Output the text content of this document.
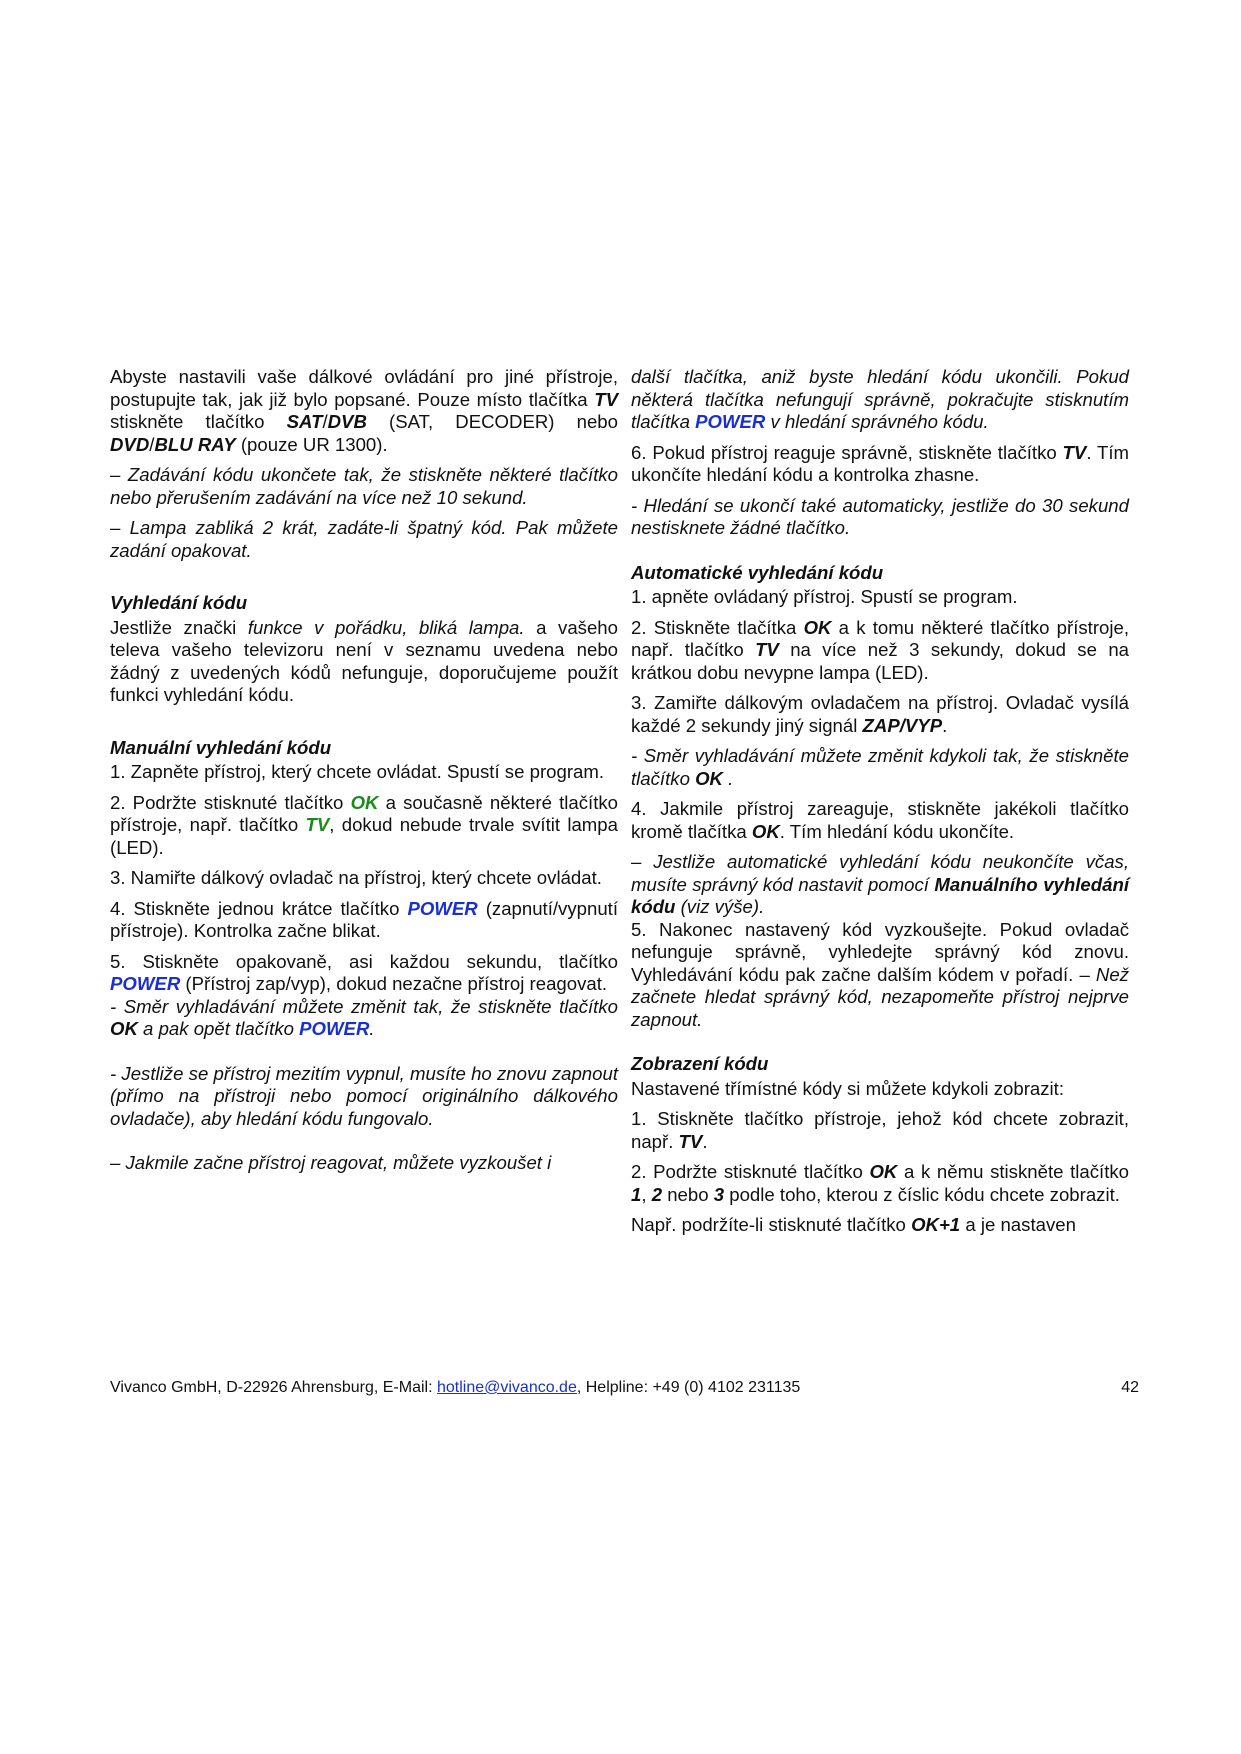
Abyste nastavili vaše dálkové ovládání pro jiné přístroje, postupujte tak, jak již bylo popsané. Pouze místo tlačítka TV stiskněte tlačítko SAT/DVB (SAT, DECODER) nebo DVD/BLU RAY (pouze UR 1300).

– Zadávání kódu ukončete tak, že stiskněte některé tlačítko nebo přerušením zadávání na více než 10 sekund.

– Lampa zabliká 2 krát, zadáte-li špatný kód. Pak můžete zadání opakovat.

Vyhledání kódu

Jestliže znački funkce v pořádku, bliká lampa. a vašeho televa vašeho televizoru není v seznamu uvedena nebo žádný z uvedených kódů nefunguje, doporučujeme použít funkci vyhledání kódu.

Manuální vyhledání kódu

1. Zapněte přístroj, který chcete ovládat. Spustí se program.

2. Podržte stisknuté tlačítko OK a současně některé tlačítko přístroje, např. tlačítko TV, dokud nebude trvale svítit lampa (LED).

3. Namiřte dálkový ovladač na přístroj, který chcete ovládat.

4. Stiskněte jednou krátce tlačítko POWER (zapnutí/vypnutí přístroje). Kontrolka začne blikat.

5. Stiskněte opakovaně, asi každou sekundu, tlačítko POWER (Přístroj zap/vyp), dokud nezačne přístroj reagovat.

- Směr vyhladávání můžete změnit tak, že stiskněte tlačítko OK a pak opět tlačítko POWER.

- Jestliže se přístroj mezitím vypnul, musíte ho znovu zapnout (přímo na přístroji nebo pomocí originálního dálkového ovladače), aby hledání kódu fungovalo.

– Jakmile začne přístroj reagovat, můžete vyzkoušet i

další tlačítka, aniž byste hledání kódu ukončili. Pokud některá tlačítka nefungují správně, pokračujte stisknutím tlačítka POWER v hledání správného kódu.

6. Pokud přístroj reaguje správně, stiskněte tlačítko TV. Tím ukončíte hledání kódu a kontrolka zhasne.

- Hledání se ukončí také automaticky, jestliže do 30 sekund nestisknete žádné tlačítko.

Automatické vyhledání kódu

1. apněte ovládaný přístroj. Spustí se program.

2. Stiskněte tlačítka OK a k tomu některé tlačítko přístroje, např. tlačítko TV na více než 3 sekundy, dokud se na krátkou dobu nevypne lampa (LED).

3. Zamiřte dálkovým ovladačem na přístroj. Ovladač vysílá každé 2 sekundy jiný signál ZAP/VYP.

- Směr vyhladávání můžete změnit kdykoli tak, že stiskněte tlačítko OK .

4. Jakmile přístroj zareaguje, stiskněte jakékoli tlačítko kromě tlačítka OK. Tím hledání kódu ukončíte.

– Jestliže automatické vyhledání kódu neukončíte včas, musíte správný kód nastavit pomocí Manuálního vyhledání kódu (viz výše).

5. Nakonec nastavený kód vyzkoušejte. Pokud ovladač nefunguje správně, vyhledejte správný kód znovu. Vyhledávání kódu pak začne dalším kódem v pořadí. – Než začnete hledat správný kód, nezapomeňte přístroj nejprve zapnout.

Zobrazení kódu

Nastavené třímístné kódy si můžete kdykoli zobrazit:

1. Stiskněte tlačítko přístroje, jehož kód chcete zobrazit, např. TV.

2. Podržte stisknuté tlačítko OK a k němu stiskněte tlačítko 1, 2 nebo 3 podle toho, kterou z číslic kódu chcete zobrazit.

Např. podržíte-li stisknuté tlačítko OK+1 a je nastaven

Vivanco GmbH, D-22926 Ahrensburg, E-Mail: hotline@vivanco.de, Helpline: +49 (0) 4102 231135	42
